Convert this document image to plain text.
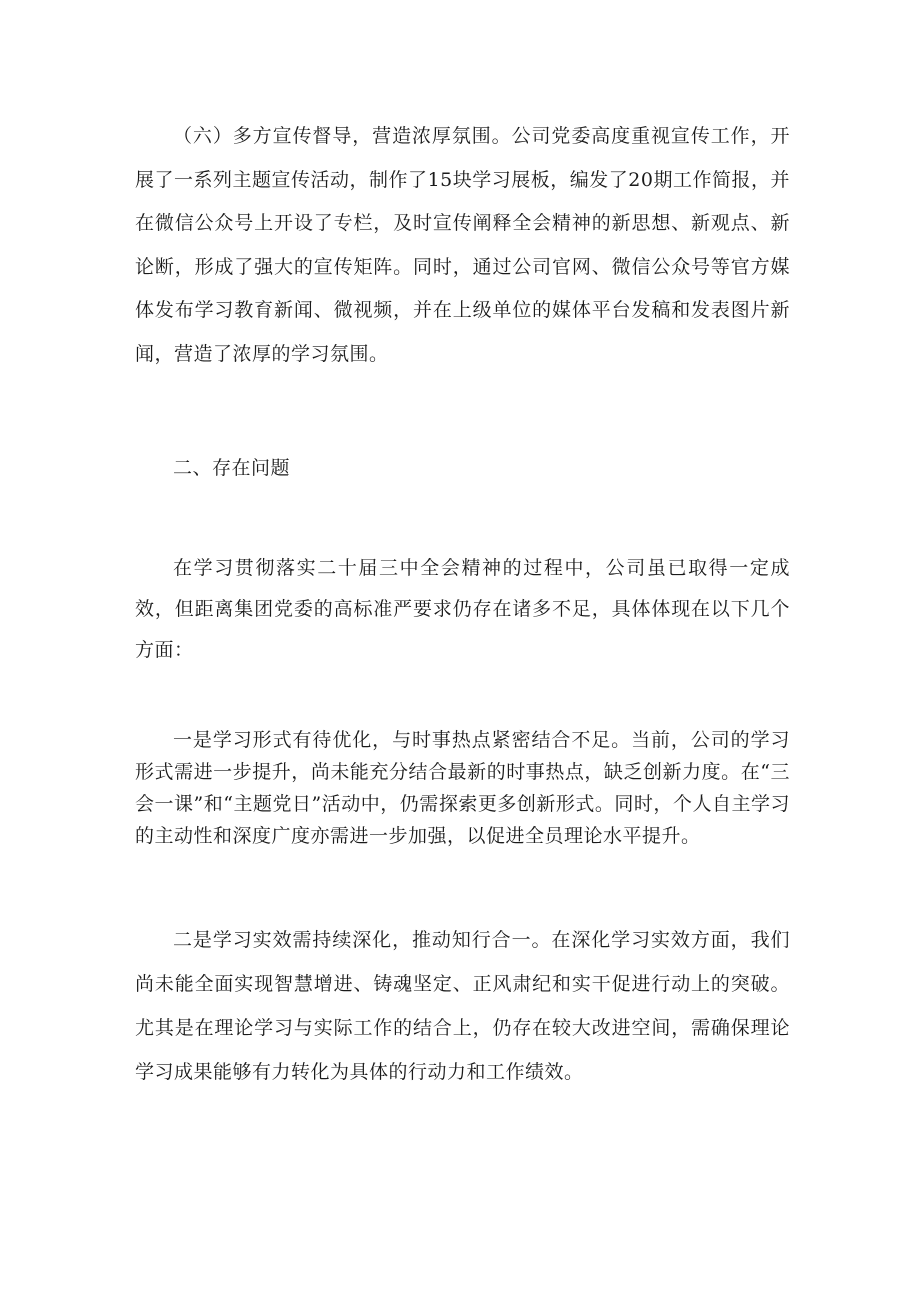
（六）多方宣传督导，营造浓厚氛围。公司党委高度重视宣传工作，开展了一系列主题宣传活动，制作了15块学习展板，编发了20期工作简报，并在微信公众号上开设了专栏，及时宣传阐释全会精神的新思想、新观点、新论断，形成了强大的宣传矩阵。同时，通过公司官网、微信公众号等官方媒体发布学习教育新闻、微视频，并在上级单位的媒体平台发稿和发表图片新闻，营造了浓厚的学习氛围。

二、存在问题

在学习贯彻落实二十届三中全会精神的过程中，公司虽已取得一定成效，但距离集团党委的高标准严要求仍存在诸多不足，具体体现在以下几个方面：

一是学习形式有待优化，与时事热点紧密结合不足。当前，公司的学习形式需进一步提升，尚未能充分结合最新的时事热点，缺乏创新力度。在“三会一课”和“主题党日”活动中，仍需探索更多创新形式。同时，个人自主学习的主动性和深度广度亦需进一步加强，以促进全员理论水平提升。

二是学习实效需持续深化，推动知行合一。在深化学习实效方面，我们尚未能全面实现智慧增进、铸魂坚定、正风肃纪和实干促进行动上的突破。尤其是在理论学习与实际工作的结合上，仍存在较大改进空间，需确保理论学习成果能够有力转化为具体的行动力和工作绩效。
